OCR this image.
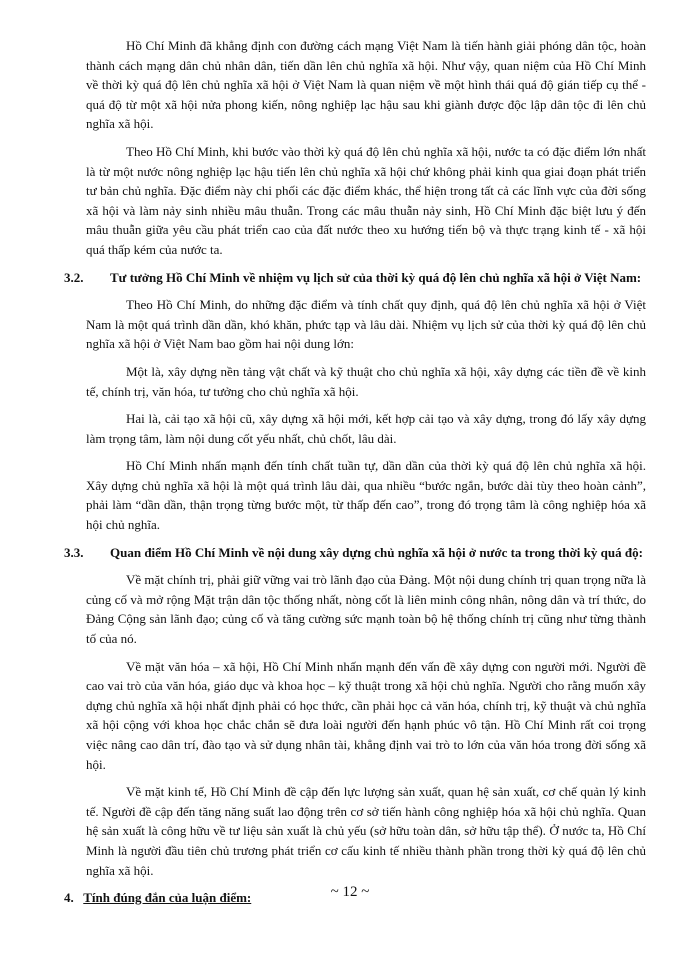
Hồ Chí Minh đã khẳng định con đường cách mạng Việt Nam là tiến hành giải phóng dân tộc, hoàn thành cách mạng dân chủ nhân dân, tiến dần lên chủ nghĩa xã hội. Như vậy, quan niệm của Hồ Chí Minh về thời kỳ quá độ lên chủ nghĩa xã hội ở Việt Nam là quan niệm về một hình thái quá độ gián tiếp cụ thể - quá độ từ một xã hội nửa phong kiến, nông nghiệp lạc hậu sau khi giành được độc lập dân tộc đi lên chủ nghĩa xã hội.

Theo Hồ Chí Minh, khi bước vào thời kỳ quá độ lên chủ nghĩa xã hội, nước ta có đặc điểm lớn nhất là từ một nước nông nghiệp lạc hậu tiến lên chủ nghĩa xã hội chứ không phải kinh qua giai đoạn phát triển tư bản chủ nghĩa. Đặc điểm này chi phối các đặc điểm khác, thể hiện trong tất cả các lĩnh vực của đời sống xã hội và làm nảy sinh nhiều mâu thuẫn. Trong các mâu thuẫn nảy sinh, Hồ Chí Minh đặc biệt lưu ý đến mâu thuẫn giữa yêu cầu phát triển cao của đất nước theo xu hướng tiến bộ và thực trạng kinh tế - xã hội quá thấp kém của nước ta.

3.2.	Tư tưởng Hồ Chí Minh về nhiệm vụ lịch sử của thời kỳ quá độ lên chủ nghĩa xã hội ở Việt Nam:

Theo Hồ Chí Minh, do những đặc điểm và tính chất quy định, quá độ lên chủ nghĩa xã hội ở Việt Nam là một quá trình dần dần, khó khăn, phức tạp và lâu dài. Nhiệm vụ lịch sử của thời kỳ quá độ lên chủ nghĩa xã hội ở Việt Nam bao gồm hai nội dung lớn:

Một là, xây dựng nền tảng vật chất và kỹ thuật cho chủ nghĩa xã hội, xây dựng các tiền đề về kinh tế, chính trị, văn hóa, tư tưởng cho chủ nghĩa xã hội.

Hai là, cải tạo xã hội cũ, xây dựng xã hội mới, kết hợp cải tạo và xây dựng, trong đó lấy xây dựng làm trọng tâm, làm nội dung cốt yếu nhất, chủ chốt, lâu dài.

Hồ Chí Minh nhấn mạnh đến tính chất tuần tự, dần dần của thời kỳ quá độ lên chủ nghĩa xã hội. Xây dựng chủ nghĩa xã hội là một quá trình lâu dài, qua nhiều “bước ngắn, bước dài tùy theo hoàn cảnh”, phải làm “dần dần, thận trọng từng bước một, từ thấp đến cao”, trong đó trọng tâm là công nghiệp hóa xã hội chủ nghĩa.

3.3.	Quan điểm Hồ Chí Minh về nội dung xây dựng chủ nghĩa xã hội ở nước ta trong thời kỳ quá độ:

Về mặt chính trị, phải giữ vững vai trò lãnh đạo của Đảng. Một nội dung chính trị quan trọng nữa là củng cố và mở rộng Mặt trận dân tộc thống nhất, nòng cốt là liên minh công nhân, nông dân và trí thức, do Đảng Cộng sản lãnh đạo; củng cố và tăng cường sức mạnh toàn bộ hệ thống chính trị cũng như từng thành tố của nó.

Về mặt văn hóa – xã hội, Hồ Chí Minh nhấn mạnh đến vấn đề xây dựng con người mới. Người đề cao vai trò của văn hóa, giáo dục và khoa học – kỹ thuật trong xã hội chủ nghĩa. Người cho rằng muốn xây dựng chủ nghĩa xã hội nhất định phải có học thức, cần phải học cả văn hóa, chính trị, kỹ thuật và chủ nghĩa xã hội cộng với khoa học chắc chắn sẽ đưa loài người đến hạnh phúc vô tận. Hồ Chí Minh rất coi trọng việc nâng cao dân trí, đào tạo và sử dụng nhân tài, khẳng định vai trò to lớn của văn hóa trong đời sống xã hội.

Về mặt kinh tế, Hồ Chí Minh đề cập đến lực lượng sản xuất, quan hệ sản xuất, cơ chế quản lý kinh tế. Người đề cập đến tăng năng suất lao động trên cơ sở tiến hành công nghiệp hóa xã hội chủ nghĩa. Quan hệ sản xuất là công hữu về tư liệu sản xuất là chủ yếu (sở hữu toàn dân, sở hữu tập thể). Ở nước ta, Hồ Chí Minh là người đầu tiên chủ trương phát triển cơ cấu kinh tế nhiều thành phần trong thời kỳ quá độ lên chủ nghĩa xã hội.

4. Tính đúng đắn của luận điểm:	~ 12 ~
